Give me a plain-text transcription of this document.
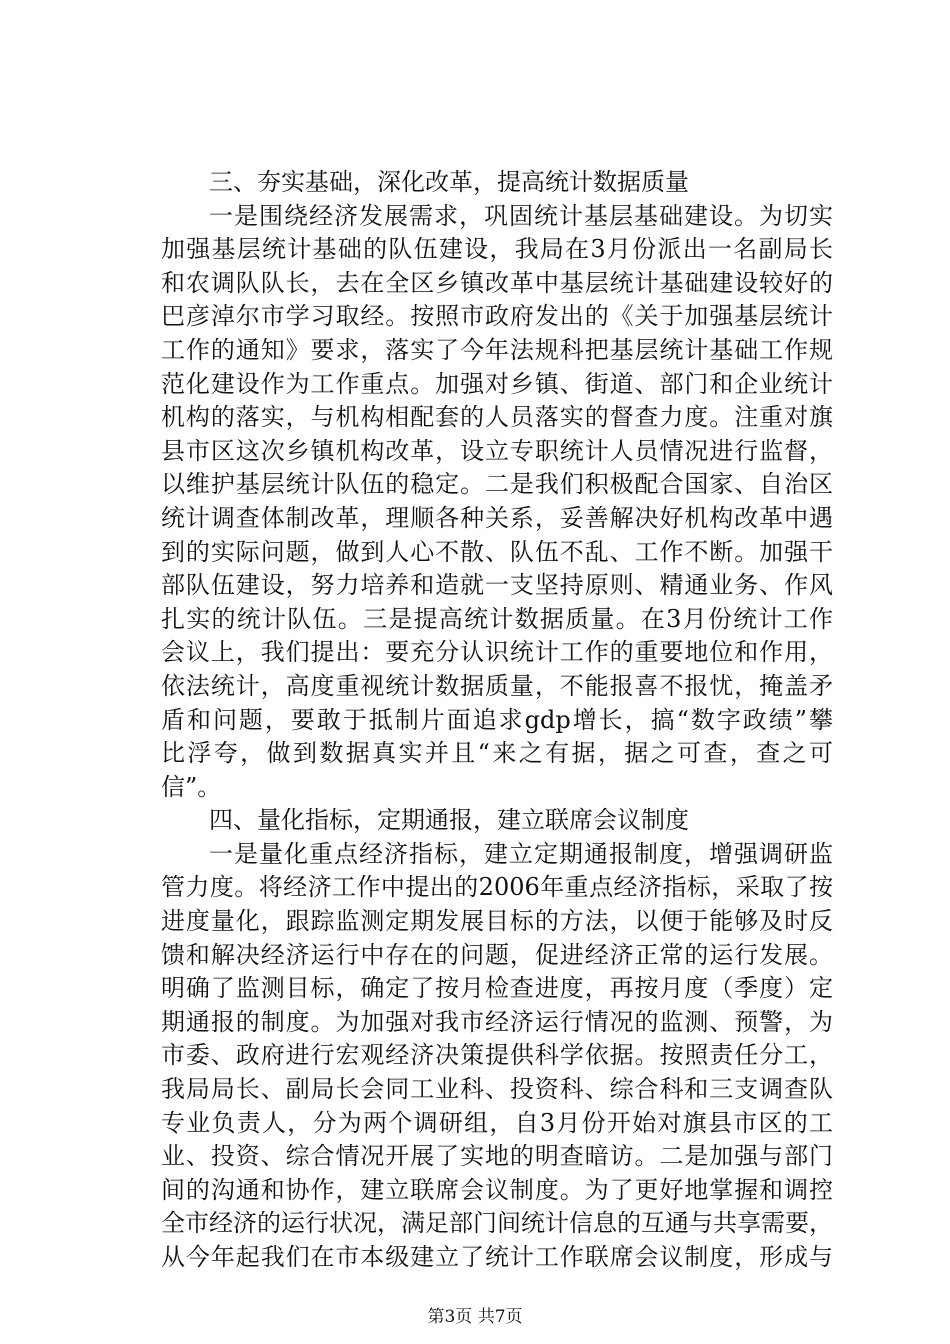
三、夯实基础，深化改革，提高统计数据质量
一是围绕经济发展需求，巩固统计基层基础建设。为切实
加强基层统计基础的队伍建设，我局在3月份派出一名副局长
和农调队队长，去在全区乡镇改革中基层统计基础建设较好的
巴彦淖尔市学习取经。按照市政府发出的《关于加强基层统计
工作的通知》要求，落实了今年法规科把基层统计基础工作规
范化建设作为工作重点。加强对乡镇、街道、部门和企业统计
机构的落实，与机构相配套的人员落实的督查力度。注重对旗
县市区这次乡镇机构改革，设立专职统计人员情况进行监督，
以维护基层统计队伍的稳定。二是我们积极配合国家、自治区
统计调查体制改革，理顺各种关系，妥善解决好机构改革中遇
到的实际问题，做到人心不散、队伍不乱、工作不断。加强干
部队伍建设，努力培养和造就一支坚持原则、精通业务、作风
扎实的统计队伍。三是提高统计数据质量。在3月份统计工作
会议上，我们提出：要充分认识统计工作的重要地位和作用，
依法统计，高度重视统计数据质量，不能报喜不报忧，掩盖矛
盾和问题，要敢于抵制片面追求gdp增长，搞“数字政绩”攀
比浮夸，做到数据真实并且“来之有据，据之可查，查之可
信”。
四、量化指标，定期通报，建立联席会议制度
一是量化重点经济指标，建立定期通报制度，增强调研监
管力度。将经济工作中提出的2006年重点经济指标，采取了按
进度量化，跟踪监测定期发展目标的方法，以便于能够及时反
馈和解决经济运行中存在的问题，促进经济正常的运行发展。
明确了监测目标，确定了按月检查进度，再按月度（季度）定
期通报的制度。为加强对我市经济运行情况的监测、预警，为
市委、政府进行宏观经济决策提供科学依据。按照责任分工，
我局局长、副局长会同工业科、投资科、综合科和三支调查队
专业负责人，分为两个调研组，自3月份开始对旗县市区的工
业、投资、综合情况开展了实地的明查暗访。二是加强与部门
间的沟通和协作，建立联席会议制度。为了更好地掌握和调控
全市经济的运行状况，满足部门间统计信息的互通与共享需要，
从今年起我们在市本级建立了统计工作联席会议制度，形成与
第3页 共7页
